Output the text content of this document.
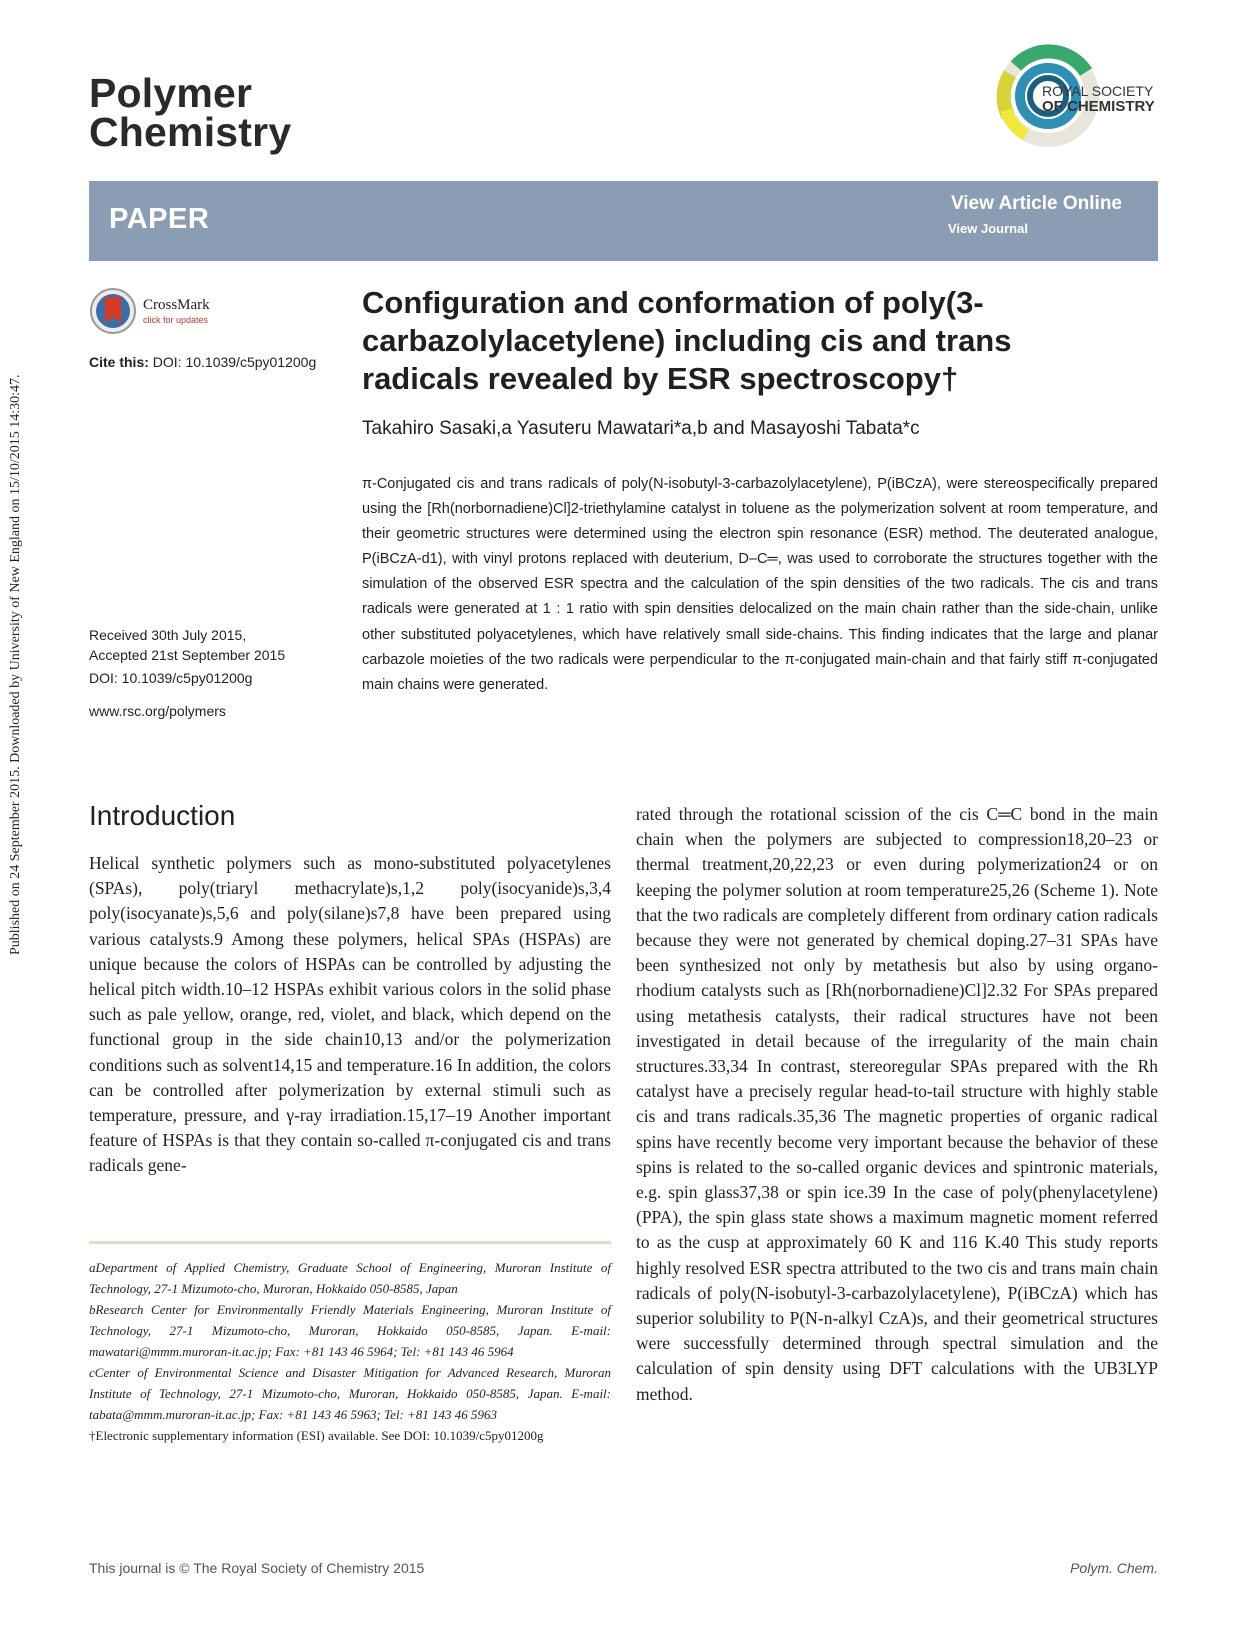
Polymer
Chemistry
ROYAL SOCIETY
OF CHEMISTRY
PAPER	View Article Online
View Journal
Published on 24 September 2015. Downloaded by University of New England on 15/10/2015 14:30:47.
CrossMark
click for updates
Cite this: DOI: 10.1039/c5py01200g
Received 30th July 2015,
Accepted 21st September 2015
DOI: 10.1039/c5py01200g
www.rsc.org/polymers
Configuration and conformation of poly(3-carbazolylacetylene) including cis and trans radicals revealed by ESR spectroscopy†
Takahiro Sasaki,a Yasuteru Mawatari*a,b and Masayoshi Tabata*c
π-Conjugated cis and trans radicals of poly(N-isobutyl-3-carbazolylacetylene), P(iBCzA), were stereospecifically prepared using the [Rh(norbornadiene)Cl]2-triethylamine catalyst in toluene as the polymerization solvent at room temperature, and their geometric structures were determined using the electron spin resonance (ESR) method. The deuterated analogue, P(iBCzA-d1), with vinyl protons replaced with deuterium, D–C═, was used to corroborate the structures together with the simulation of the observed ESR spectra and the calculation of the spin densities of the two radicals. The cis and trans radicals were generated at 1 : 1 ratio with spin densities delocalized on the main chain rather than the side-chain, unlike other substituted polyacetylenes, which have relatively small side-chains. This finding indicates that the large and planar carbazole moieties of the two radicals were perpendicular to the π-conjugated main-chain and that fairly stiff π-conjugated main chains were generated.
Introduction

Helical synthetic polymers such as mono-substituted polyacetylenes (SPAs), poly(triaryl methacrylate)s,1,2 poly(isocyanide)s,3,4 poly(isocyanate)s,5,6 and poly(silane)s7,8 have been prepared using various catalysts.9 Among these polymers, helical SPAs (HSPAs) are unique because the colors of HSPAs can be controlled by adjusting the helical pitch width.10–12 HSPAs exhibit various colors in the solid phase such as pale yellow, orange, red, violet, and black, which depend on the functional group in the side chain10,13 and/or the polymerization conditions such as solvent14,15 and temperature.16 In addition, the colors can be controlled after polymerization by external stimuli such as temperature, pressure, and γ-ray irradiation.15,17–19 Another important feature of HSPAs is that they contain so-called π-conjugated cis and trans radicals gene-

rated through the rotational scission of the cis C═C bond in the main chain when the polymers are subjected to compression18,20–23 or thermal treatment,20,22,23 or even during polymerization24 or on keeping the polymer solution at room temperature25,26 (Scheme 1). Note that the two radicals are completely different from ordinary cation radicals because they were not generated by chemical doping.27–31 SPAs have been synthesized not only by metathesis but also by using organo-rhodium catalysts such as [Rh(norbornadiene)Cl]2.32 For SPAs prepared using metathesis catalysts, their radical structures have not been investigated in detail because of the irregularity of the main chain structures.33,34 In contrast, stereoregular SPAs prepared with the Rh catalyst have a precisely regular head-to-tail structure with highly stable cis and trans radicals.35,36 The magnetic properties of organic radical spins have recently become very important because the behavior of these spins is related to the so-called organic devices and spintronic materials, e.g. spin glass37,38 or spin ice.39 In the case of poly(phenylacetylene) (PPA), the spin glass state shows a maximum magnetic moment referred to as the cusp at approximately 60 K and 116 K.40 This study reports highly resolved ESR spectra attributed to the two cis and trans main chain radicals of poly(N-isobutyl-3-carbazolylacetylene), P(iBCzA) which has superior solubility to P(N-n-alkyl CzA)s, and their geometrical structures were successfully determined through spectral simulation and the calculation of spin density using DFT calculations with the UB3LYP method.

aDepartment of Applied Chemistry, Graduate School of Engineering, Muroran Institute of Technology, 27-1 Mizumoto-cho, Muroran, Hokkaido 050-8585, Japan

bResearch Center for Environmentally Friendly Materials Engineering, Muroran Institute of Technology, 27-1 Mizumoto-cho, Muroran, Hokkaido 050-8585, Japan. E-mail: mawatari@mmm.muroran-it.ac.jp; Fax: +81 143 46 5964; Tel: +81 143 46 5964

cCenter of Environmental Science and Disaster Mitigation for Advanced Research, Muroran Institute of Technology, 27-1 Mizumoto-cho, Muroran, Hokkaido 050-8585, Japan. E-mail: tabata@mmm.muroran-it.ac.jp; Fax: +81 143 46 5963; Tel: +81 143 46 5963

†Electronic supplementary information (ESI) available. See DOI: 10.1039/c5py01200g

This journal is © The Royal Society of Chemistry 2015	Polym. Chem.
